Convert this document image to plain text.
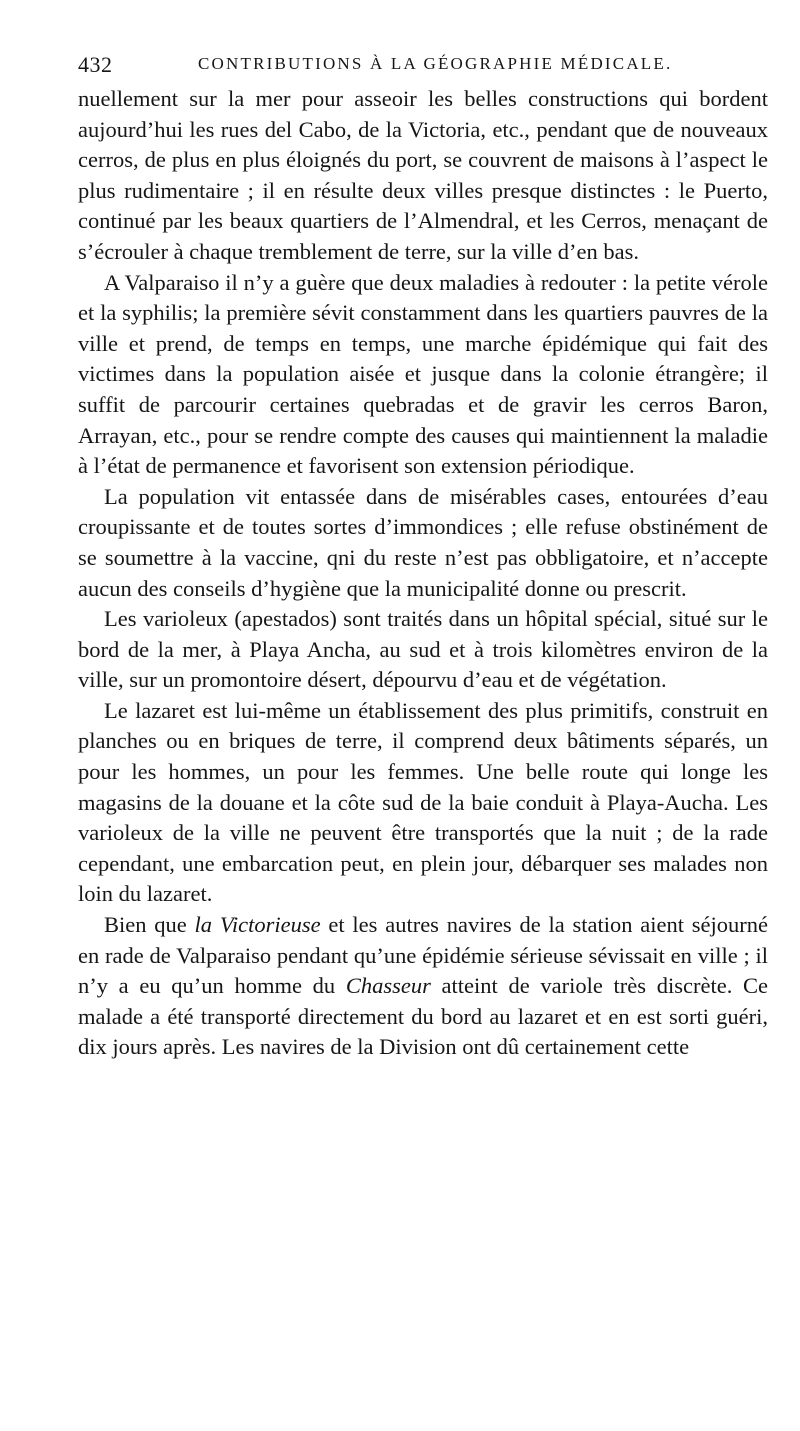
432	CONTRIBUTIONS À LA GÉOGRAPHIE MÉDICALE.

nuellement sur la mer pour asseoir les belles constructions qui bordent aujourd’hui les rues del Cabo, de la Victoria, etc., pendant que de nouveaux cerros, de plus en plus éloignés du port, se couvrent de maisons à l’aspect le plus rudimentaire ; il en résulte deux villes presque distinctes : le Puerto, continué par les beaux quartiers de l’Almendral, et les Cerros, menaçant de s’écrouler à chaque tremblement de terre, sur la ville d’en bas.

A Valparaiso il n’y a guère que deux maladies à redouter : la petite vérole et la syphilis; la première sévit constamment dans les quartiers pauvres de la ville et prend, de temps en temps, une marche épidémique qui fait des victimes dans la population aisée et jusque dans la colonie étrangère; il suffit de parcourir certaines quebradas et de gravir les cerros Baron, Arrayan, etc., pour se rendre compte des causes qui maintiennent la maladie à l’état de permanence et favorisent son extension périodique.

La population vit entassée dans de misérables cases, entourées d’eau croupissante et de toutes sortes d’immondices ; elle refuse obstinément de se soumettre à la vaccine, qni du reste n’est pas obbligatoire, et n’accepte aucun des conseils d’hygiène que la municipalité donne ou prescrit.

Les varioleux (apestados) sont traités dans un hôpital spécial, situé sur le bord de la mer, à Playa Ancha, au sud et à trois kilomètres environ de la ville, sur un promontoire désert, dépourvu d’eau et de végétation.

Le lazaret est lui-même un établissement des plus primitifs, construit en planches ou en briques de terre, il comprend deux bâtiments séparés, un pour les hommes, un pour les femmes. Une belle route qui longe les magasins de la douane et la côte sud de la baie conduit à Playa-Aucha. Les varioleux de la ville ne peuvent être transportés que la nuit ; de la rade cependant, une embarcation peut, en plein jour, débarquer ses malades non loin du lazaret.

Bien que la Victorieuse et les autres navires de la station aient séjourné en rade de Valparaiso pendant qu’une épidémie sérieuse sévissait en ville ; il n’y a eu qu’un homme du Chasseur atteint de variole très discrète. Ce malade a été transporté directement du bord au lazaret et en est sorti guéri, dix jours après. Les navires de la Division ont dû certainement cette
